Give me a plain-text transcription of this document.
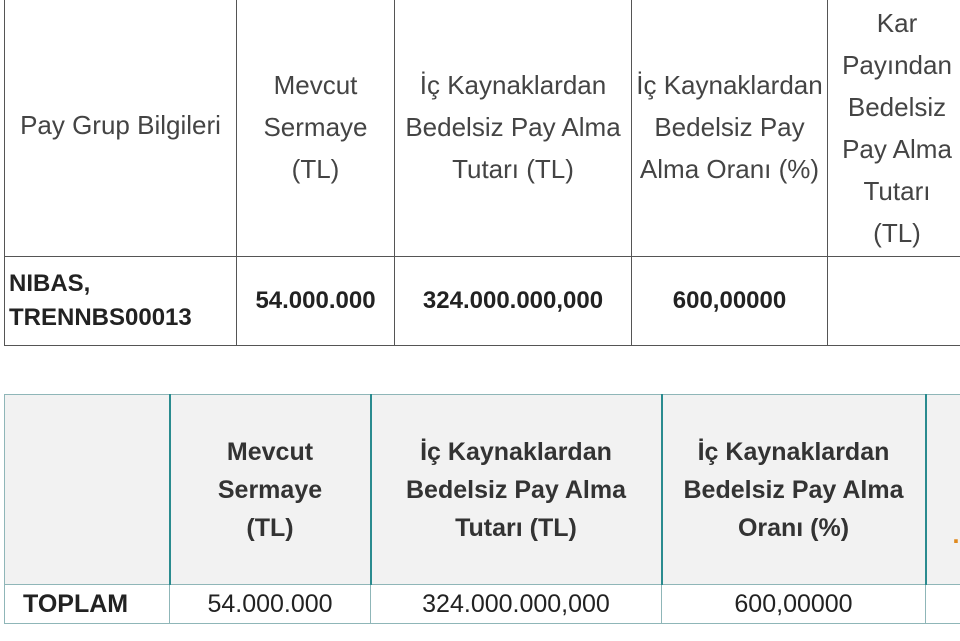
Pay Grup Bilgileri	Mevcut Sermaye (TL)	İç Kaynaklardan Bedelsiz Pay Alma Tutarı (TL)	İç Kaynaklardan Bedelsiz Pay Alma Oranı (%)	Kar Payından Bedelsiz Pay Alma Tutarı (TL)

NIBAS,
TRENNBS00013	54.000.000	324.000.000,000	600,00000	

	Mevcut Sermaye (TL)	İç Kaynaklardan Bedelsiz Pay Alma Tutarı (TL)	İç Kaynaklardan Bedelsiz Pay Alma Oranı (%)	.

TOPLAM	54.000.000	324.000.000,000	600,00000	
